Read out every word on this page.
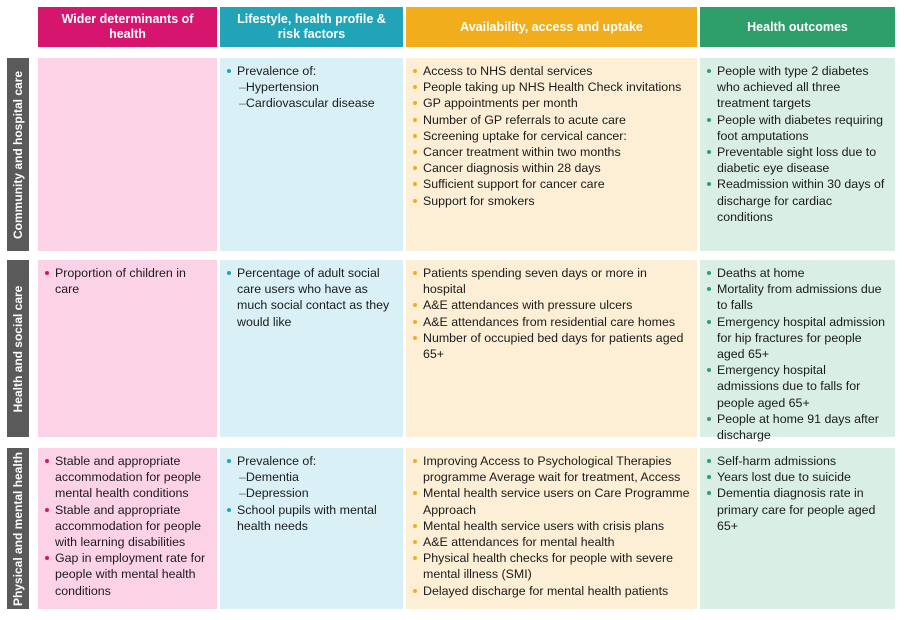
Wider determinants of health
Lifestyle, health profile & risk factors
Availability, access and uptake	Health outcomes
Community and hospital care
Health and social care
Physical and mental health
Prevalence of:
–Hypertension
–Cardiovascular disease
Access to NHS dental services
People taking up NHS Health Check invitations
GP appointments per month
Number of GP referrals to acute care
Screening uptake for cervical cancer:
Cancer treatment within two months
Cancer diagnosis within 28 days
Sufficient support for cancer care
Support for smokers
People with type 2 diabetes who achieved all three treatment targets
People with diabetes requiring foot amputations
Preventable sight loss due to diabetic eye disease
Readmission within 30 days of discharge for cardiac conditions
Proportion of children in care
Percentage of adult social care users who have as much social contact as they would like
Patients spending seven days or more in hospital
A&E attendances with pressure ulcers
A&E attendances from residential care homes
Number of occupied bed days for patients aged 65+
Deaths at home
Mortality from admissions due to falls
Emergency hospital admission for hip fractures for people aged 65+
Emergency hospital admissions due to falls for people aged 65+
People at home 91 days after discharge
Stable and appropriate accommodation for people mental health conditions
Stable and appropriate accommodation for people with learning disabilities
Gap in employment rate for people with mental health conditions
Prevalence of:
–Dementia
–Depression
School pupils with mental health needs
Improving Access to Psychological Therapies programme Average wait for treatment, Access
Mental health service users on Care Programme Approach
Mental health service users with crisis plans
A&E attendances for mental health
Physical health checks for people with severe mental illness (SMI)
Delayed discharge for mental health patients
Self-harm admissions
Years lost due to suicide
Dementia diagnosis rate in primary care for people aged 65+
